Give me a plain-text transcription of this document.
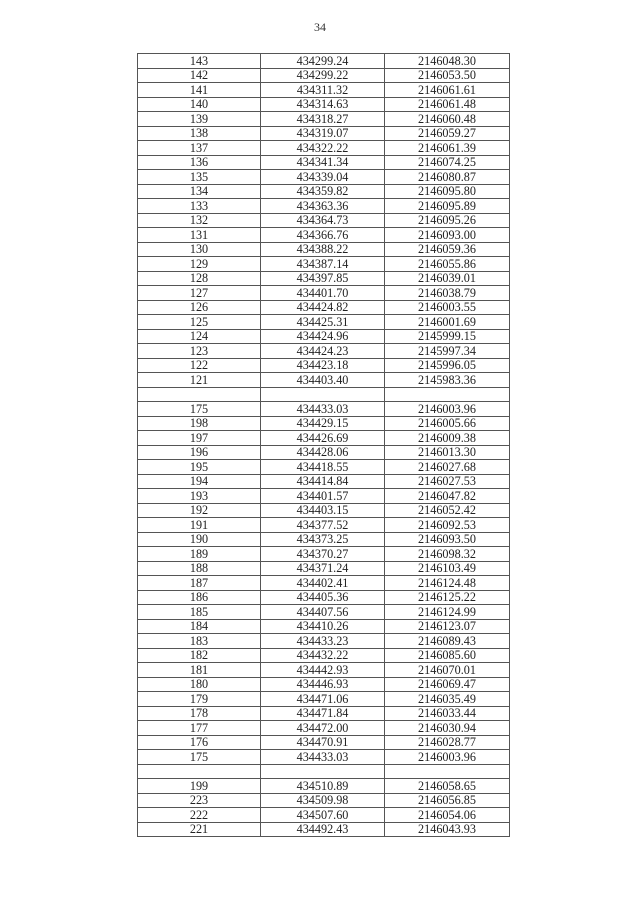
34
143	434299.24	2146048.30
142	434299.22	2146053.50
141	434311.32	2146061.61
140	434314.63	2146061.48
139	434318.27	2146060.48
138	434319.07	2146059.27
137	434322.22	2146061.39
136	434341.34	2146074.25
135	434339.04	2146080.87
134	434359.82	2146095.80
133	434363.36	2146095.89
132	434364.73	2146095.26
131	434366.76	2146093.00
130	434388.22	2146059.36
129	434387.14	2146055.86
128	434397.85	2146039.01
127	434401.70	2146038.79
126	434424.82	2146003.55
125	434425.31	2146001.69
124	434424.96	2145999.15
123	434424.23	2145997.34
122	434423.18	2145996.05
121	434403.40	2145983.36

175	434433.03	2146003.96
198	434429.15	2146005.66
197	434426.69	2146009.38
196	434428.06	2146013.30
195	434418.55	2146027.68
194	434414.84	2146027.53
193	434401.57	2146047.82
192	434403.15	2146052.42
191	434377.52	2146092.53
190	434373.25	2146093.50
189	434370.27	2146098.32
188	434371.24	2146103.49
187	434402.41	2146124.48
186	434405.36	2146125.22
185	434407.56	2146124.99
184	434410.26	2146123.07
183	434433.23	2146089.43
182	434432.22	2146085.60
181	434442.93	2146070.01
180	434446.93	2146069.47
179	434471.06	2146035.49
178	434471.84	2146033.44
177	434472.00	2146030.94
176	434470.91	2146028.77
175	434433.03	2146003.96

199	434510.89	2146058.65
223	434509.98	2146056.85
222	434507.60	2146054.06
221	434492.43	2146043.93
